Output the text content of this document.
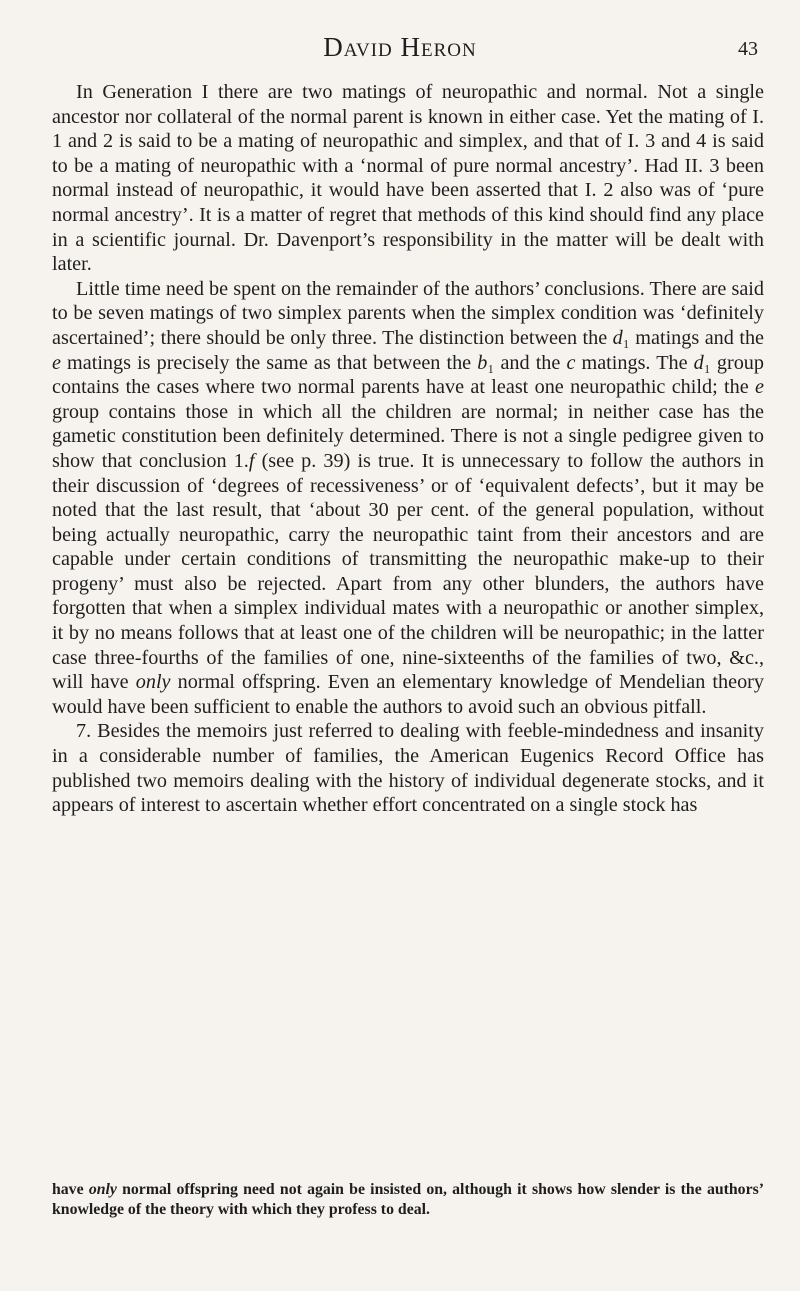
David Heron	43

In Generation I there are two matings of neuropathic and normal. Not a single ancestor nor collateral of the normal parent is known in either case. Yet the mating of I. 1 and 2 is said to be a mating of neuropathic and simplex, and that of I. 3 and 4 is said to be a mating of neuropathic with a ‘normal of pure normal ancestry’. Had II. 3 been normal instead of neuropathic, it would have been asserted that I. 2 also was of ‘pure normal ancestry’. It is a matter of regret that methods of this kind should find any place in a scientific journal. Dr. Davenport’s responsibility in the matter will be dealt with later.

Little time need be spent on the remainder of the authors’ conclusions. There are said to be seven matings of two simplex parents when the simplex condition was ‘definitely ascertained’; there should be only three. The distinction between the d₁ matings and the e matings is precisely the same as that between the b₁ and the c matings. The d₁ group contains the cases where two normal parents have at least one neuropathic child; the e group contains those in which all the children are normal; in neither case has the gametic constitution been definitely determined. There is not a single pedigree given to show that conclusion 1.f (see p. 39) is true. It is unnecessary to follow the authors in their discussion of ‘degrees of recessiveness’ or of ‘equivalent defects’, but it may be noted that the last result, that ‘about 30 per cent. of the general population, without being actually neuropathic, carry the neuropathic taint from their ancestors and are capable under certain conditions of transmitting the neuropathic make-up to their progeny’ must also be rejected. Apart from any other blunders, the authors have forgotten that when a simplex individual mates with a neuropathic or another simplex, it by no means follows that at least one of the children will be neuropathic; in the latter case three-fourths of the families of one, nine-sixteenths of the families of two, &c., will have only normal offspring. Even an elementary knowledge of Mendelian theory would have been sufficient to enable the authors to avoid such an obvious pitfall.

7. Besides the memoirs just referred to dealing with feeble-mindedness and insanity in a considerable number of families, the American Eugenics Record Office has published two memoirs dealing with the history of individual degenerate stocks, and it appears of interest to ascertain whether effort concentrated on a single stock has

have only normal offspring need not again be insisted on, although it shows how slender is the authors’ knowledge of the theory with which they profess to deal.
